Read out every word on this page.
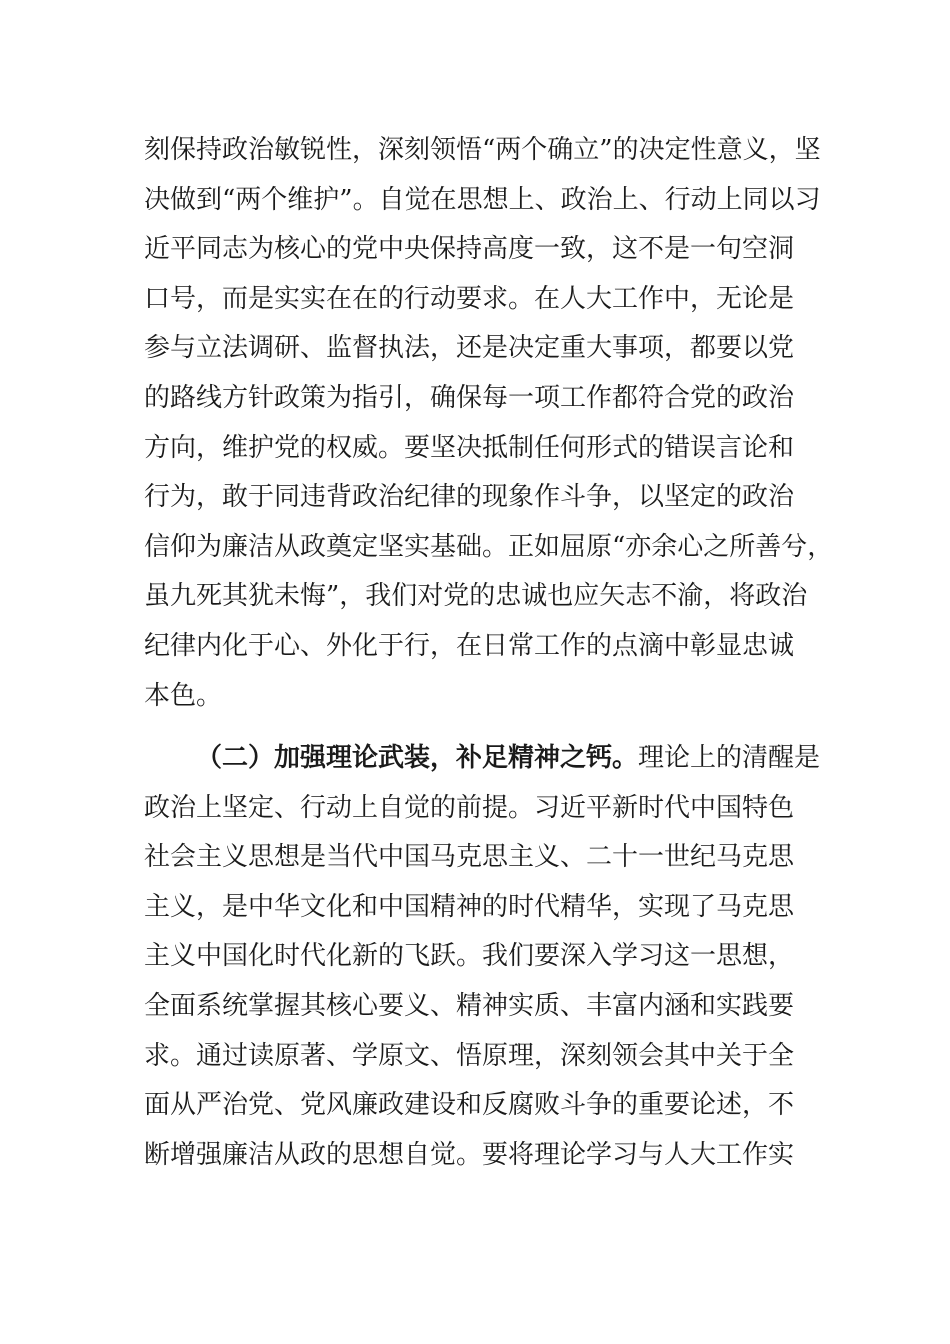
刻保持政治敏锐性，深刻领悟“两个确立”的决定性意义，坚
决做到“两个维护”。自觉在思想上、政治上、行动上同以习
近平同志为核心的党中央保持高度一致，这不是一句空洞
口号，而是实实在在的行动要求。在人大工作中，无论是
参与立法调研、监督执法，还是决定重大事项，都要以党
的路线方针政策为指引，确保每一项工作都符合党的政治
方向，维护党的权威。要坚决抵制任何形式的错误言论和
行为，敢于同违背政治纪律的现象作斗争，以坚定的政治
信仰为廉洁从政奠定坚实基础。正如屈原“亦余心之所善兮，
虽九死其犹未悔”，我们对党的忠诚也应矢志不渝，将政治
纪律内化于心、外化于行，在日常工作的点滴中彰显忠诚
本色。
（二）加强理论武装，补足精神之钙。理论上的清醒是
政治上坚定、行动上自觉的前提。习近平新时代中国特色
社会主义思想是当代中国马克思主义、二十一世纪马克思
主义，是中华文化和中国精神的时代精华，实现了马克思
主义中国化时代化新的飞跃。我们要深入学习这一思想，
全面系统掌握其核心要义、精神实质、丰富内涵和实践要
求。通过读原著、学原文、悟原理，深刻领会其中关于全
面从严治党、党风廉政建设和反腐败斗争的重要论述，不
断增强廉洁从政的思想自觉。要将理论学习与人大工作实
